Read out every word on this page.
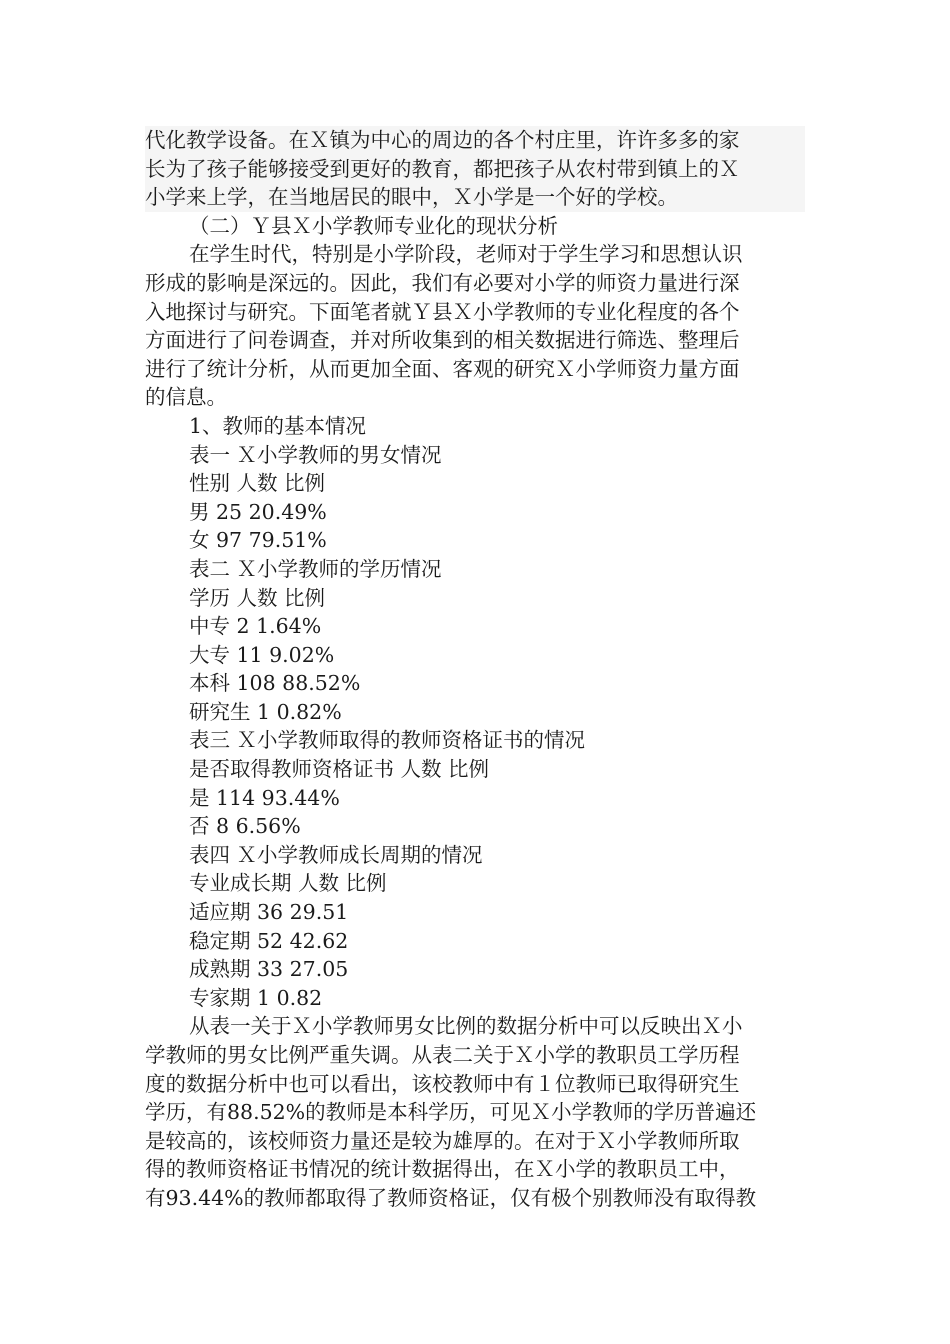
代化教学设备。在Ｘ镇为中心的周边的各个村庄里，许许多多的家
长为了孩子能够接受到更好的教育，都把孩子从农村带到镇上的Ｘ
小学来上学，在当地居民的眼中，Ｘ小学是一个好的学校。
（二）Ｙ县Ｘ小学教师专业化的现状分析
在学生时代，特别是小学阶段，老师对于学生学习和思想认识
形成的影响是深远的。因此，我们有必要对小学的师资力量进行深
入地探讨与研究。下面笔者就Ｙ县Ｘ小学教师的专业化程度的各个
方面进行了问卷调查，并对所收集到的相关数据进行筛选、整理后
进行了统计分析，从而更加全面、客观的研究Ｘ小学师资力量方面
的信息。
1、教师的基本情况
表一 Ｘ小学教师的男女情况
性别 人数 比例
男 25 20.49%
女 97 79.51%
表二 Ｘ小学教师的学历情况
学历 人数 比例
中专 2 1.64%
大专 11 9.02%
本科 108 88.52%
研究生 1 0.82%
表三 Ｘ小学教师取得的教师资格证书的情况
是否取得教师资格证书 人数 比例
是 114 93.44%
否 8 6.56%
表四 Ｘ小学教师成长周期的情况
专业成长期 人数 比例
适应期 36 29.51
稳定期 52 42.62
成熟期 33 27.05
专家期 1 0.82
从表一关于Ｘ小学教师男女比例的数据分析中可以反映出Ｘ小
学教师的男女比例严重失调。从表二关于Ｘ小学的教职员工学历程
度的数据分析中也可以看出，该校教师中有１位教师已取得研究生
学历，有88.52%的教师是本科学历，可见Ｘ小学教师的学历普遍还
是较高的，该校师资力量还是较为雄厚的。在对于Ｘ小学教师所取
得的教师资格证书情况的统计数据得出，在Ｘ小学的教职员工中，
有93.44%的教师都取得了教师资格证，仅有极个别教师没有取得教
